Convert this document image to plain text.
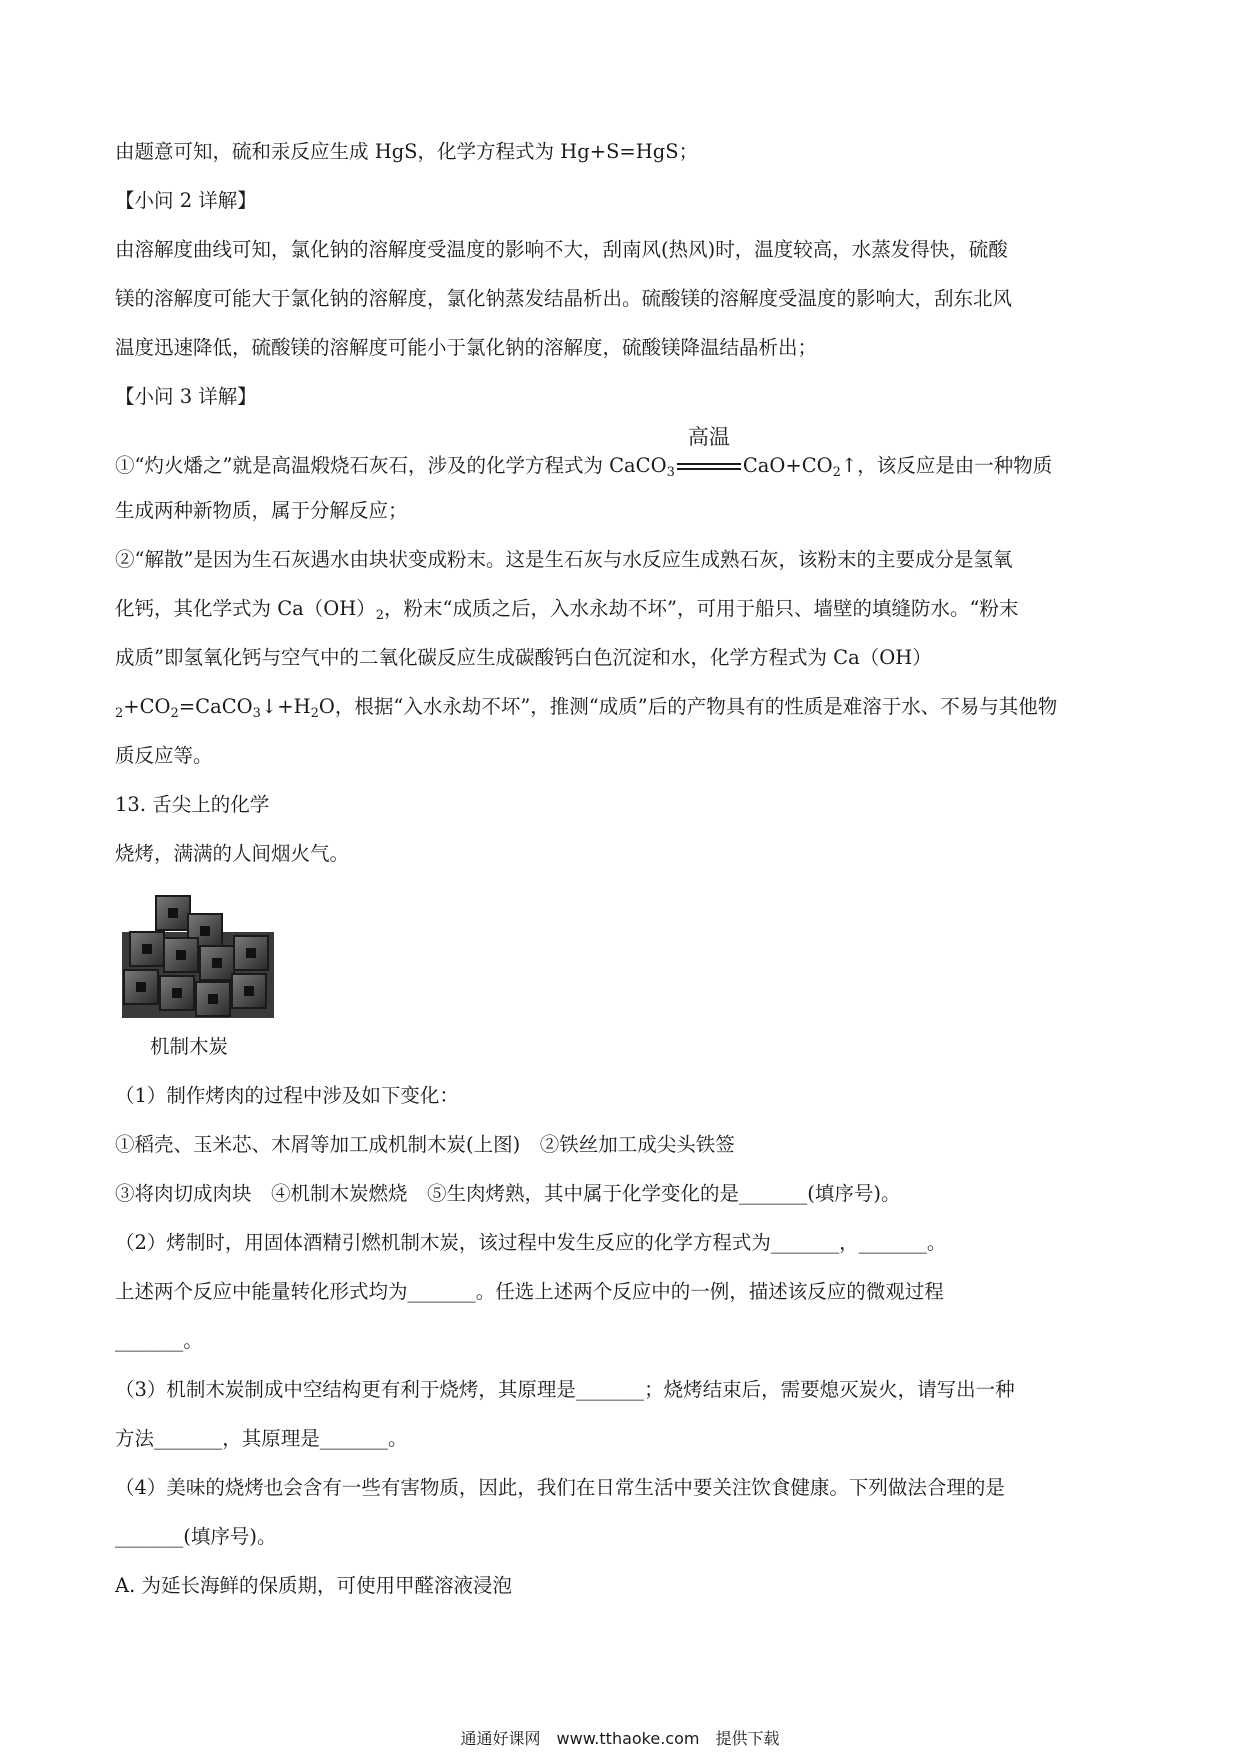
由题意可知，硫和汞反应生成 HgS，化学方程式为 Hg+S=HgS；
【小问 2 详解】
由溶解度曲线可知，氯化钠的溶解度受温度的影响不大，刮南风(热风)时，温度较高，水蒸发得快，硫酸
镁的溶解度可能大于氯化钠的溶解度，氯化钠蒸发结晶析出。硫酸镁的溶解度受温度的影响大，刮东北风
温度迅速降低，硫酸镁的溶解度可能小于氯化钠的溶解度，硫酸镁降温结晶析出；
【小问 3 详解】
①“灼火燔之”就是高温煅烧石灰石，涉及的化学方程式为 CaCO$_3$
高温
$CaO+CO_2↑$，该反应是由一种物质
生成两种新物质，属于分解反应；
②“解散”是因为生石灰遇水由块状变成粉末。这是生石灰与水反应生成熟石灰，该粉末的主要成分是氢氧
化钙，其化学式为 $Ca(OH)_2$，粉末“成质之后，入水永劫不坏”，可用于船只、墙壁的填缝防水。“粉末
成质”即氢氧化钙与空气中的二氧化碳反应生成碳酸钙白色沉淀和水，化学方程式为 Ca（OH）
$_2+CO_2=CaCO_3↓+H_2O$，根据“入水永劫不坏”，推测“成质”后的产物具有的性质是难溶于水、不易与其他物
质反应等。
13. 舌尖上的化学
烧烤，满满的人间烟火气。
机制木炭
（1）制作烤肉的过程中涉及如下变化：
①稻壳、玉米芯、木屑等加工成机制木炭(上图)　②铁丝加工成尖头铁签
③将肉切成肉块　④机制木炭燃烧　⑤生肉烤熟，其中属于化学变化的是_______(填序号)。
（2）烤制时，用固体酒精引燃机制木炭，该过程中发生反应的化学方程式为_______，_______。
上述两个反应中能量转化形式均为_______。任选上述两个反应中的一例，描述该反应的微观过程
_______。
（3）机制木炭制成中空结构更有利于烧烤，其原理是_______；烧烤结束后，需要熄灭炭火，请写出一种
方法_______，其原理是_______。
（4）美味的烧烤也会含有一些有害物质，因此，我们在日常生活中要关注饮食健康。下列做法合理的是
_______(填序号)。
A. 为延长海鲜的保质期，可使用甲醛溶液浸泡
通通好课网　www.tthaoke.com　提供下载
